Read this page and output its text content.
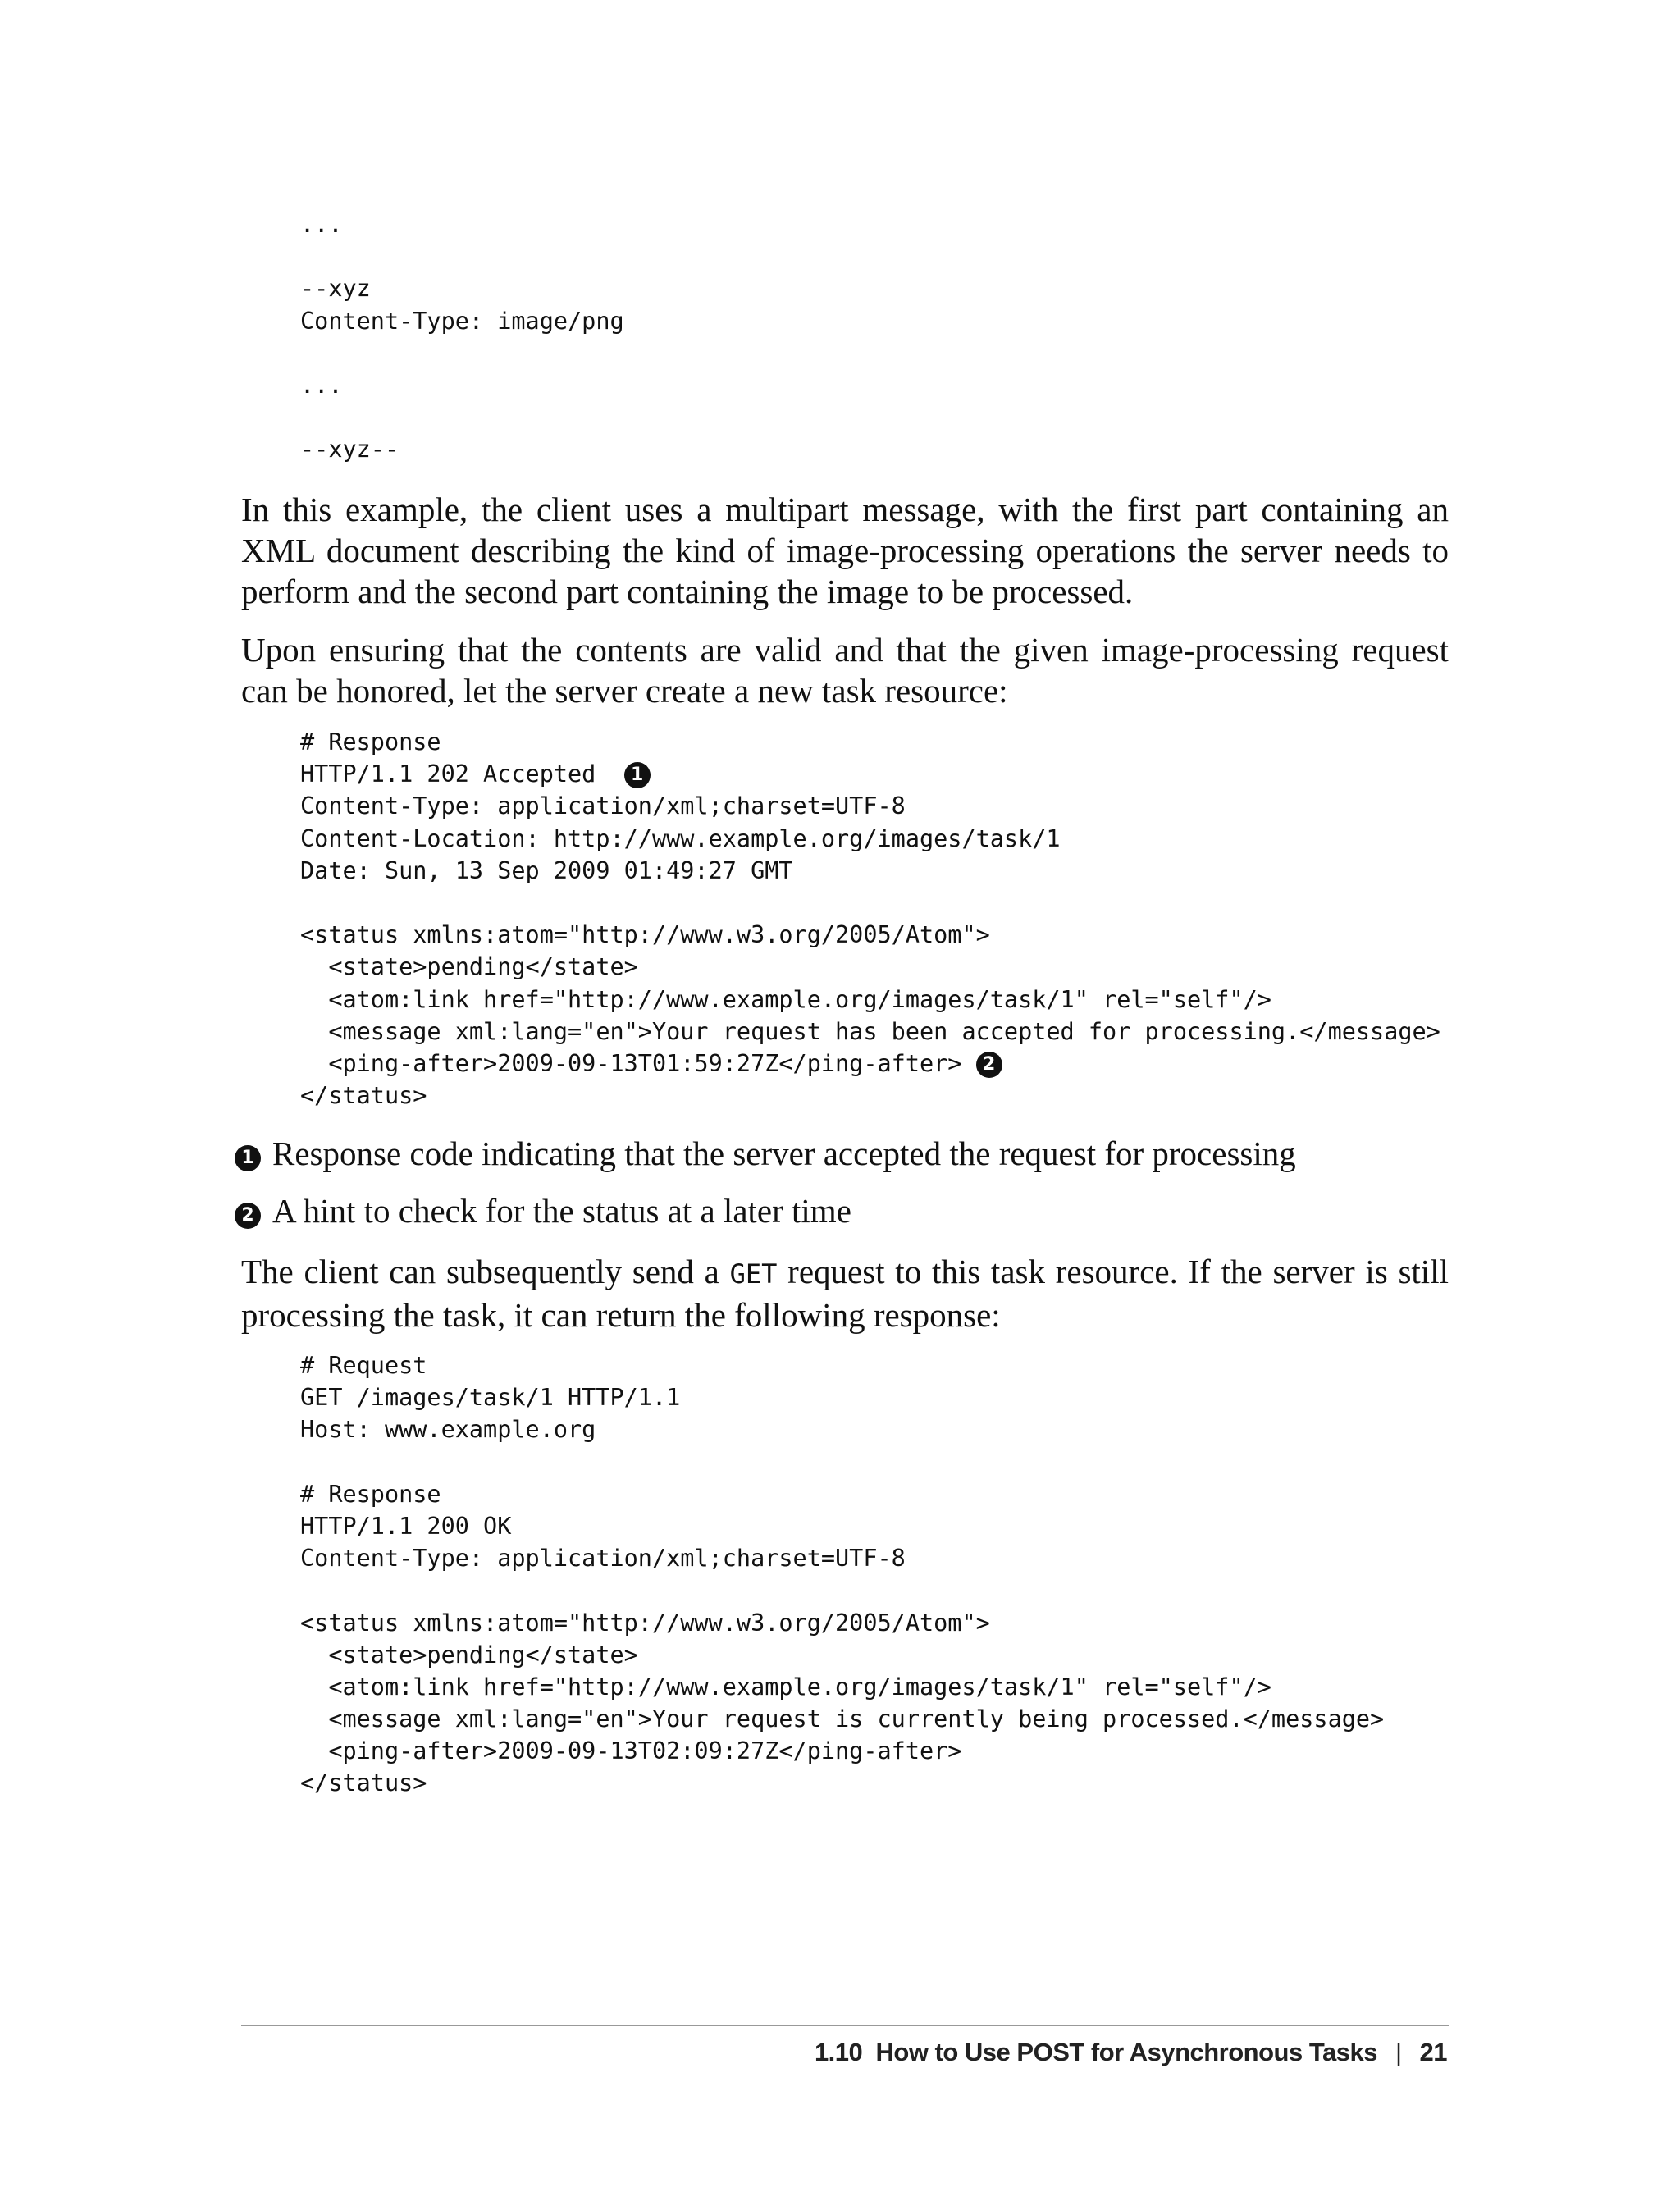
...
--xyz
Content-Type: image/png
...
--xyz--

In this example, the client uses a multipart message, with the first part containing an XML document describing the kind of image-processing operations the server needs to perform and the second part containing the image to be processed.

Upon ensuring that the contents are valid and that the given image-processing request can be honored, let the server create a new task resource:

# Response
HTTP/1.1 202 Accepted  1
Content-Type: application/xml;charset=UTF-8
Content-Location: http://www.example.org/images/task/1
Date: Sun, 13 Sep 2009 01:49:27 GMT
<status xmlns:atom="http://www.w3.org/2005/Atom">
<state>pending</state>
<atom:link href="http://www.example.org/images/task/1" rel="self"/>
<message xml:lang="en">Your request has been accepted for processing.</message>
<ping-after>2009-09-13T01:59:27Z</ping-after> 2
</status>

1 Response code indicating that the server accepted the request for processing

2 A hint to check for the status at a later time

The client can subsequently send a GET request to this task resource. If the server is still processing the task, it can return the following response:

# Request
GET /images/task/1 HTTP/1.1
Host: www.example.org
# Response
HTTP/1.1 200 OK
Content-Type: application/xml;charset=UTF-8
<status xmlns:atom="http://www.w3.org/2005/Atom">
<state>pending</state>
<atom:link href="http://www.example.org/images/task/1" rel="self"/>
<message xml:lang="en">Your request is currently being processed.</message>
<ping-after>2009-09-13T02:09:27Z</ping-after>
</status>
1.10  How to Use POST for Asynchronous Tasks | 21
